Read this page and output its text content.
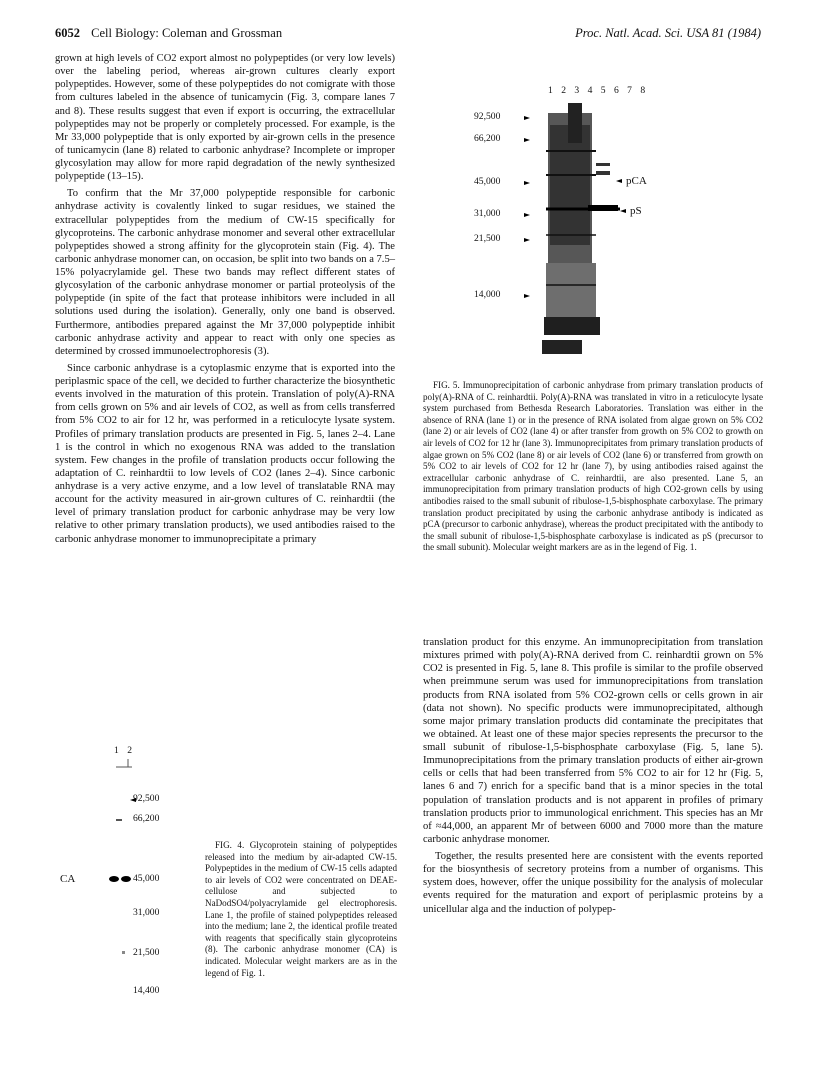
6052 Cell Biology: Coleman and Grossman	Proc. Natl. Acad. Sci. USA 81 (1984)

grown at high levels of CO2 export almost no polypeptides (or very low levels) over the labeling period, whereas air-grown cultures clearly export polypeptides. However, some of these polypeptides do not comigrate with those from cultures labeled in the absence of tunicamycin (Fig. 3, compare lanes 7 and 8). These results suggest that even if export is occurring, the extracellular polypeptides may not be properly or completely processed. For example, is the Mr 33,000 polypeptide that is only exported by air-grown cells in the presence of tunicamycin (lane 8) related to carbonic anhydrase? Incomplete or improper glycosylation may allow for more rapid degradation of the newly synthesized polypeptide (13–15).

To confirm that the Mr 37,000 polypeptide responsible for carbonic anhydrase activity is covalently linked to sugar residues, we stained the extracellular polypeptides from the medium of CW-15 specifically for glycoproteins. The carbonic anhydrase monomer and several other extracellular polypeptides showed a strong affinity for the glycoprotein stain (Fig. 4). The carbonic anhydrase monomer can, on occasion, be split into two bands on a 7.5–15% polyacrylamide gel. These two bands may reflect different states of glycosylation of the carbonic anhydrase monomer or partial proteolysis of the polypeptide (in spite of the fact that protease inhibitors were included in all solutions used during the isolation). Generally, only one band is observed. Furthermore, antibodies prepared against the Mr 37,000 polypeptide inhibit carbonic anhydrase activity and appear to react with only one species as determined by crossed immunoelectrophoresis (3).

Since carbonic anhydrase is a cytoplasmic enzyme that is exported into the periplasmic space of the cell, we decided to further characterize the biosynthetic events involved in the maturation of this protein. Translation of poly(A)-RNA from cells grown on 5% and air levels of CO2, as well as from cells transferred from 5% CO2 to air for 12 hr, was performed in a reticulocyte lysate system. Profiles of primary translation products are presented in Fig. 5, lanes 2–4. Lane 1 is the control in which no exogenous RNA was added to the translation system. Few changes in the profile of translation products occur following the adaptation of C. reinhardtii to low levels of CO2 (lanes 2–4). Since carbonic anhydrase is a very active enzyme, and a low level of translatable RNA may account for the activity measured in air-grown cultures of C. reinhardtii (the level of primary translation product for carbonic anhydrase may be very low relative to other primary translation products), we used antibodies raised to the carbonic anhydrase monomer to immunoprecipitate a primary

1 2 3 4 5 6 7 8
92,500
66,200
45,000
31,000
21,500
14,000
pCA
pS

FIG. 5. Immunoprecipitation of carbonic anhydrase from primary translation products of poly(A)-RNA of C. reinhardtii. Poly(A)-RNA was translated in vitro in a reticulocyte lysate system purchased from Bethesda Research Laboratories. Translation was either in the absence of RNA (lane 1) or in the presence of RNA isolated from algae grown on 5% CO2 (lane 2) or air levels of CO2 (lane 4) or after transfer from growth on 5% CO2 to growth on air levels of CO2 for 12 hr (lane 3). Immunoprecipitates from primary translation products of algae grown on 5% CO2 (lane 8) or air levels of CO2 (lane 6) or transferred from growth on 5% CO2 to air levels of CO2 for 12 hr (lane 7), by using antibodies raised against the extracellular carbonic anhydrase of C. reinhardtii, are also presented. Lane 5, an immunoprecipitation from primary translation products of high CO2-grown cells by using antibodies raised to the small subunit of ribulose-1,5-bisphosphate carboxylase. The primary translation product precipitated by using the carbonic anhydrase antibody is indicated as pCA (precursor to carbonic anhydrase), whereas the product precipitated with the antibody to the small subunit of ribulose-1,5-bisphosphate carboxylase is indicated as pS (precursor to the small subunit). Molecular weight markers are as in the legend of Fig. 1.

1 2
92,500
66,200
45,000
31,000
21,500
14,400
CA

FIG. 4. Glycoprotein staining of polypeptides released into the medium by air-adapted CW-15. Polypeptides in the medium of CW-15 cells adapted to air levels of CO2 were concentrated on DEAE-cellulose and subjected to NaDodSO4/polyacrylamide gel electrophoresis. Lane 1, the profile of stained polypeptides released into the medium; lane 2, the identical profile treated with reagents that specifically stain glycoproteins (8). The carbonic anhydrase monomer (CA) is indicated. Molecular weight markers are as in the legend of Fig. 1.

translation product for this enzyme. An immunoprecipitation from translation mixtures primed with poly(A)-RNA derived from C. reinhardtii grown on 5% CO2 is presented in Fig. 5, lane 8. This profile is similar to the profile observed when preimmune serum was used for immunoprecipitations from translation products from RNA isolated from 5% CO2-grown cells or cells grown in air (data not shown). No specific products were immunoprecipitated, although some major primary translation products did contaminate the precipitates that we obtained. At least one of these major species represents the precursor to the small subunit of ribulose-1,5-bisphosphate carboxylase (Fig. 5, lane 5). Immunoprecipitations from the primary translation products of either air-grown cells or cells that had been transferred from 5% CO2 to air for 12 hr (Fig. 5, lanes 6 and 7) enrich for a specific band that is a minor species in the total population of translation products and is not apparent in profiles of primary translation products prior to immunological enrichment. This species has an Mr of ≈44,000, an apparent Mr of between 6000 and 7000 more than the mature carbonic anhydrase monomer.

Together, the results presented here are consistent with the events reported for the biosynthesis of secretory proteins from a number of organisms. This system does, however, offer the unique possibility for the analysis of molecular events required for the maturation and export of periplasmic proteins by a unicellular alga and the induction of polypep-
